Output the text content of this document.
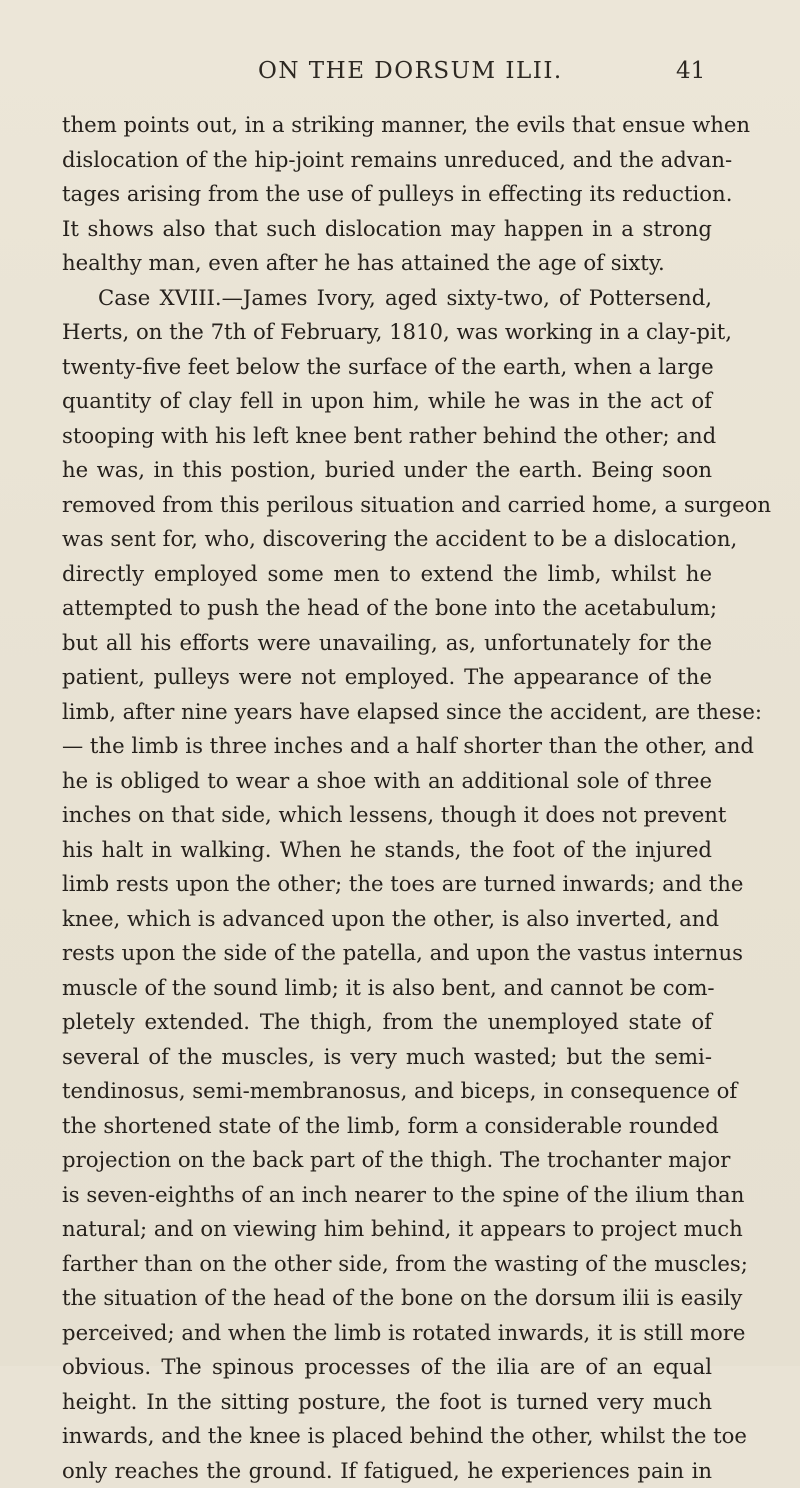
ON THE DORSUM ILII.	41
them points out, in a striking manner, the evils that ensue when
dislocation of the hip-joint remains unreduced, and the advan-
tages arising from the use of pulleys in effecting its reduction.
It shows also that such dislocation may happen in a strong
healthy man, even after he has attained the age of sixty.
Case XVIII.—James Ivory, aged sixty-two, of Pottersend,
Herts, on the 7th of February, 1810, was working in a clay-pit,
twenty-five feet below the surface of the earth, when a large
quantity of clay fell in upon him, while he was in the act of
stooping with his left knee bent rather behind the other; and
he was, in this postion, buried under the earth. Being soon
removed from this perilous situation and carried home, a surgeon
was sent for, who, discovering the accident to be a dislocation,
directly employed some men to extend the limb, whilst he
attempted to push the head of the bone into the acetabulum;
but all his efforts were unavailing, as, unfortunately for the
patient, pulleys were not employed. The appearance of the
limb, after nine years have elapsed since the accident, are these:
— the limb is three inches and a half shorter than the other, and
he is obliged to wear a shoe with an additional sole of three
inches on that side, which lessens, though it does not prevent
his halt in walking. When he stands, the foot of the injured
limb rests upon the other; the toes are turned inwards; and the
knee, which is advanced upon the other, is also inverted, and
rests upon the side of the patella, and upon the vastus internus
muscle of the sound limb; it is also bent, and cannot be com-
pletely extended. The thigh, from the unemployed state of
several of the muscles, is very much wasted; but the semi-
tendinosus, semi-membranosus, and biceps, in consequence of
the shortened state of the limb, form a considerable rounded
projection on the back part of the thigh. The trochanter major
is seven-eighths of an inch nearer to the spine of the ilium than
natural; and on viewing him behind, it appears to project much
farther than on the other side, from the wasting of the muscles;
the situation of the head of the bone on the dorsum ilii is easily
perceived; and when the limb is rotated inwards, it is still more
obvious. The spinous processes of the ilia are of an equal
height. In the sitting posture, the foot is turned very much
inwards, and the knee is placed behind the other, whilst the toe
only reaches the ground. If fatigued, he experiences pain in
